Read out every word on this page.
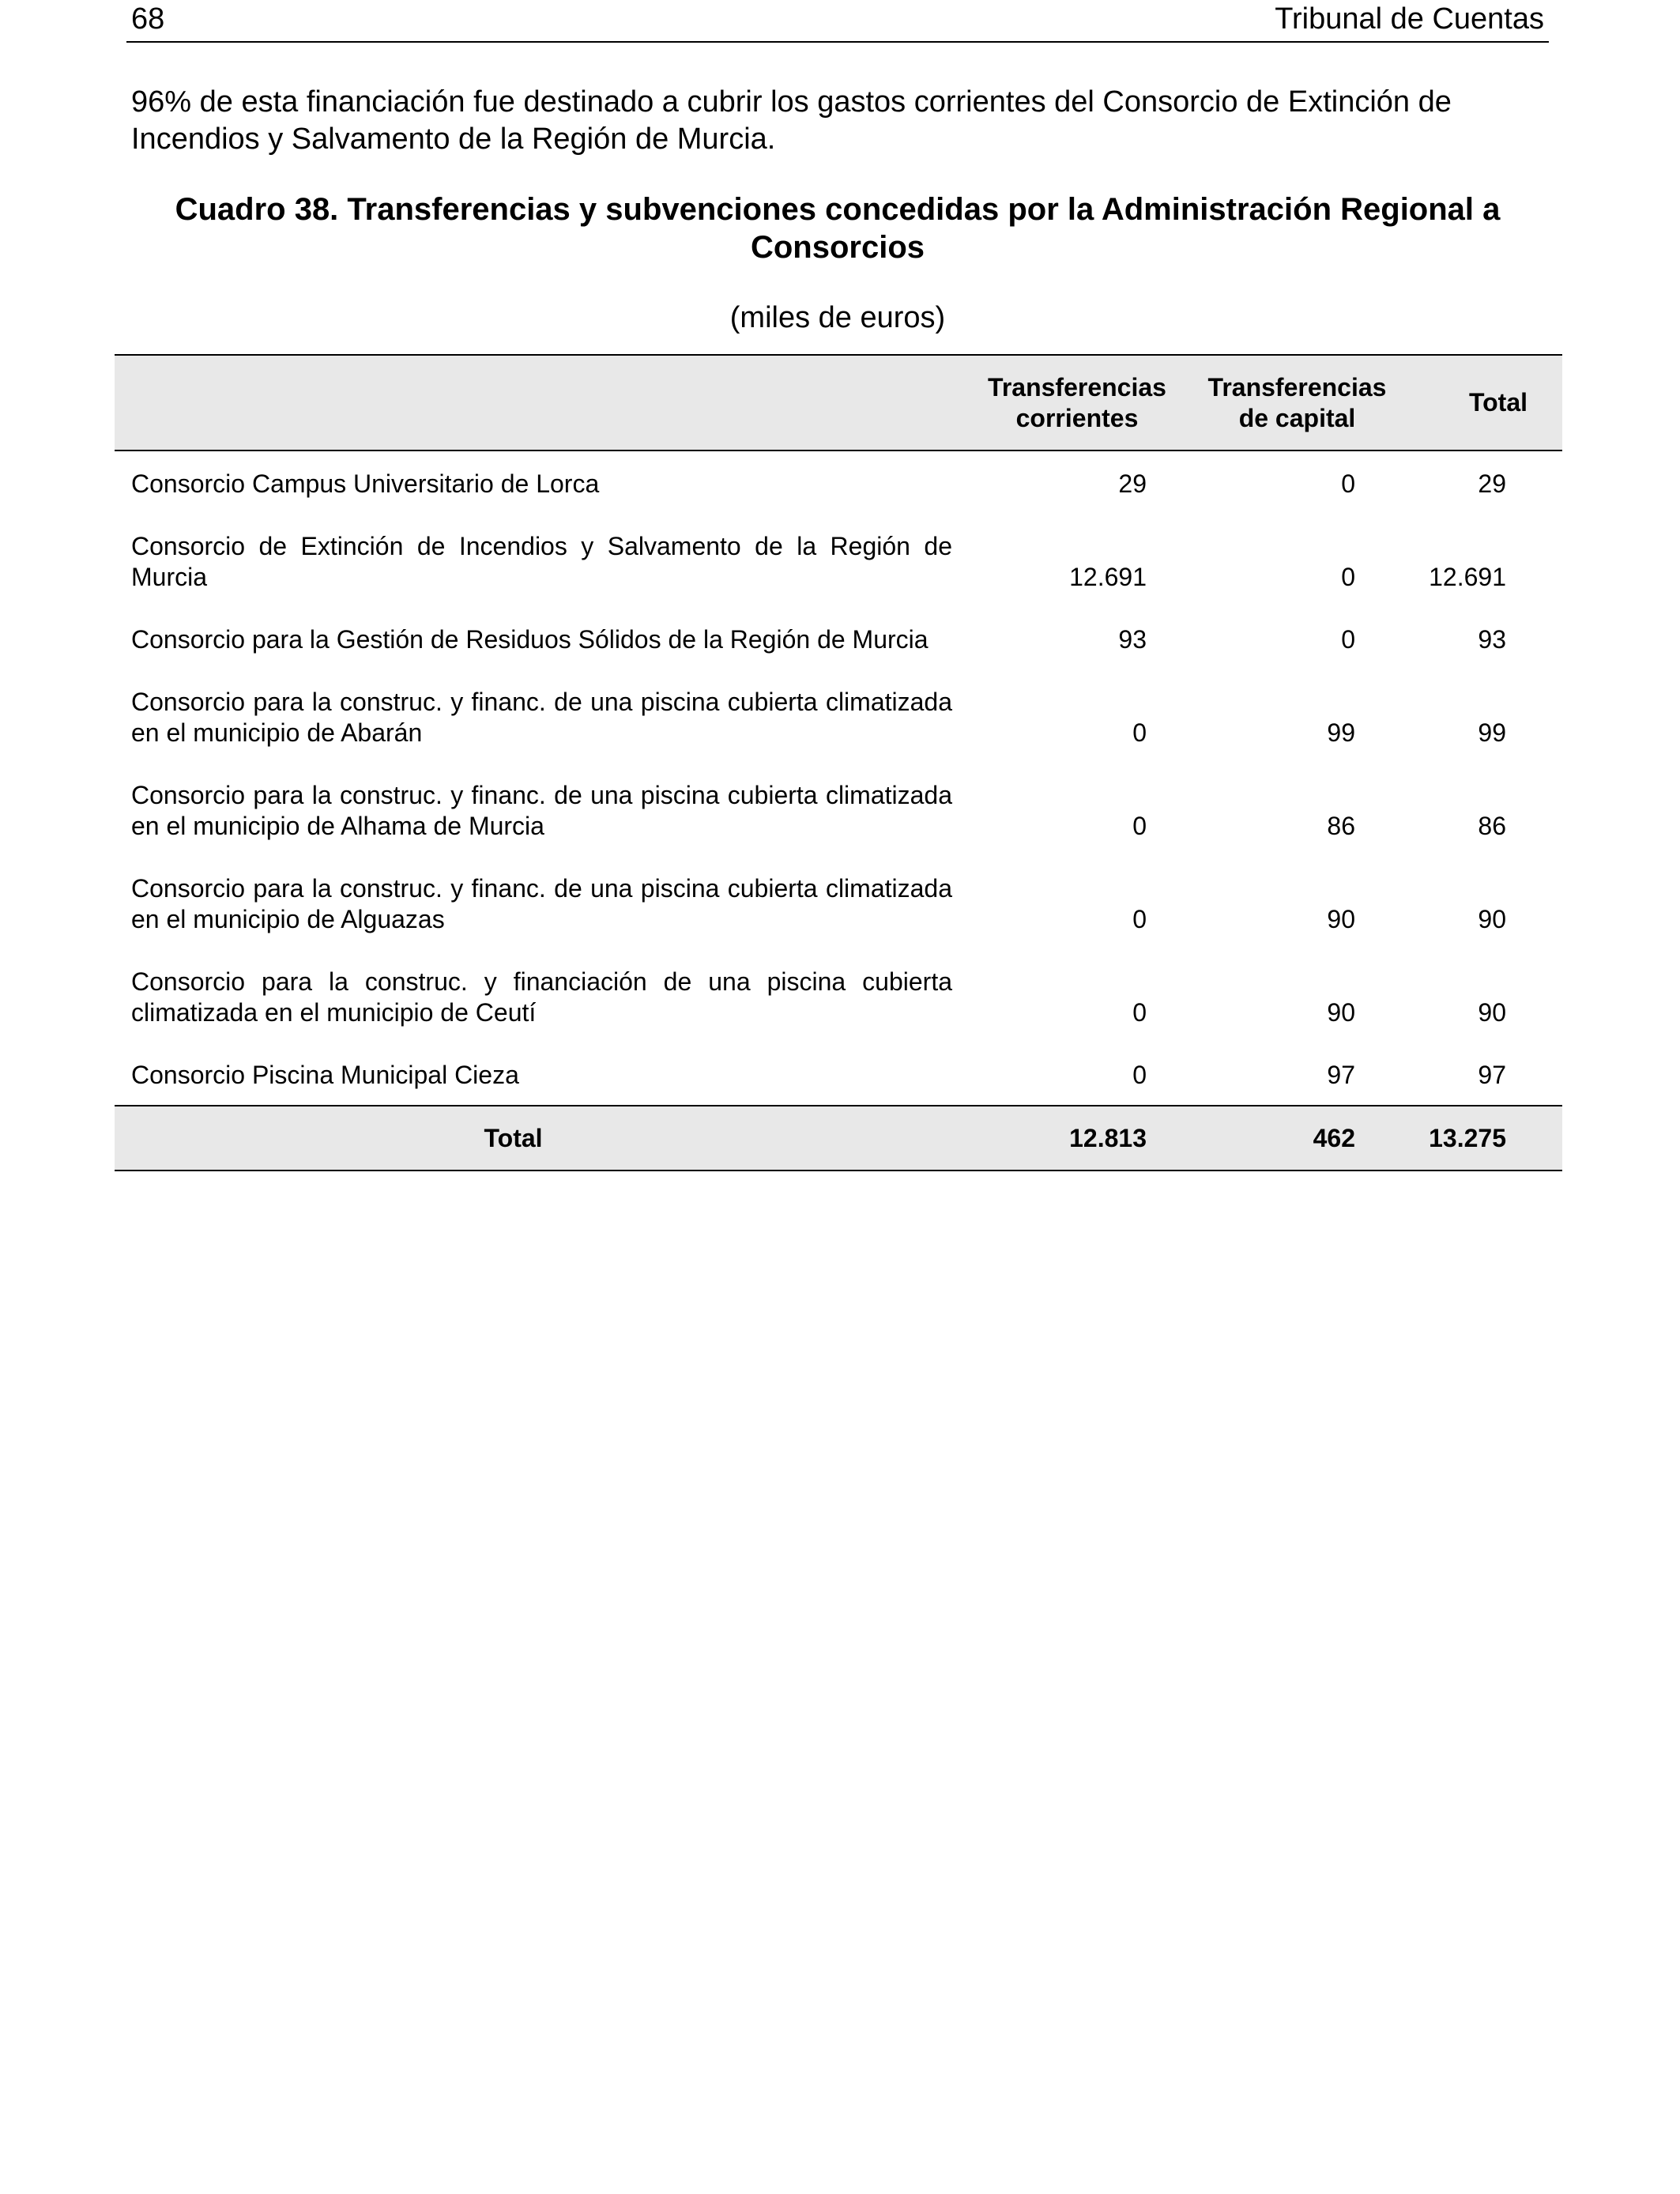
68	Tribunal de Cuentas

96% de esta financiación fue destinado a cubrir los gastos corrientes del Consorcio de Extinción de Incendios y Salvamento de la Región de Murcia.

Cuadro 38. Transferencias y subvenciones concedidas por la Administración Regional a Consorcios
(miles de euros)
	Transferencias corrientes	Transferencias de capital	Total
Consorcio Campus Universitario de Lorca	29	0	29
Consorcio de Extinción de Incendios y Salvamento de la Región de Murcia	12.691	0	12.691
Consorcio para la Gestión de Residuos Sólidos de la Región de Murcia	93	0	93
Consorcio para la construc. y financ. de una piscina cubierta climatizada en el municipio de Abarán	0	99	99
Consorcio para la construc. y financ. de una piscina cubierta climatizada en el municipio de Alhama de Murcia	0	86	86
Consorcio para la construc. y financ. de una piscina cubierta climatizada en el municipio de Alguazas	0	90	90
Consorcio para la construc. y financiación de una piscina cubierta climatizada en el municipio de Ceutí	0	90	90
Consorcio Piscina Municipal Cieza	0	97	97
Total	12.813	462	13.275
